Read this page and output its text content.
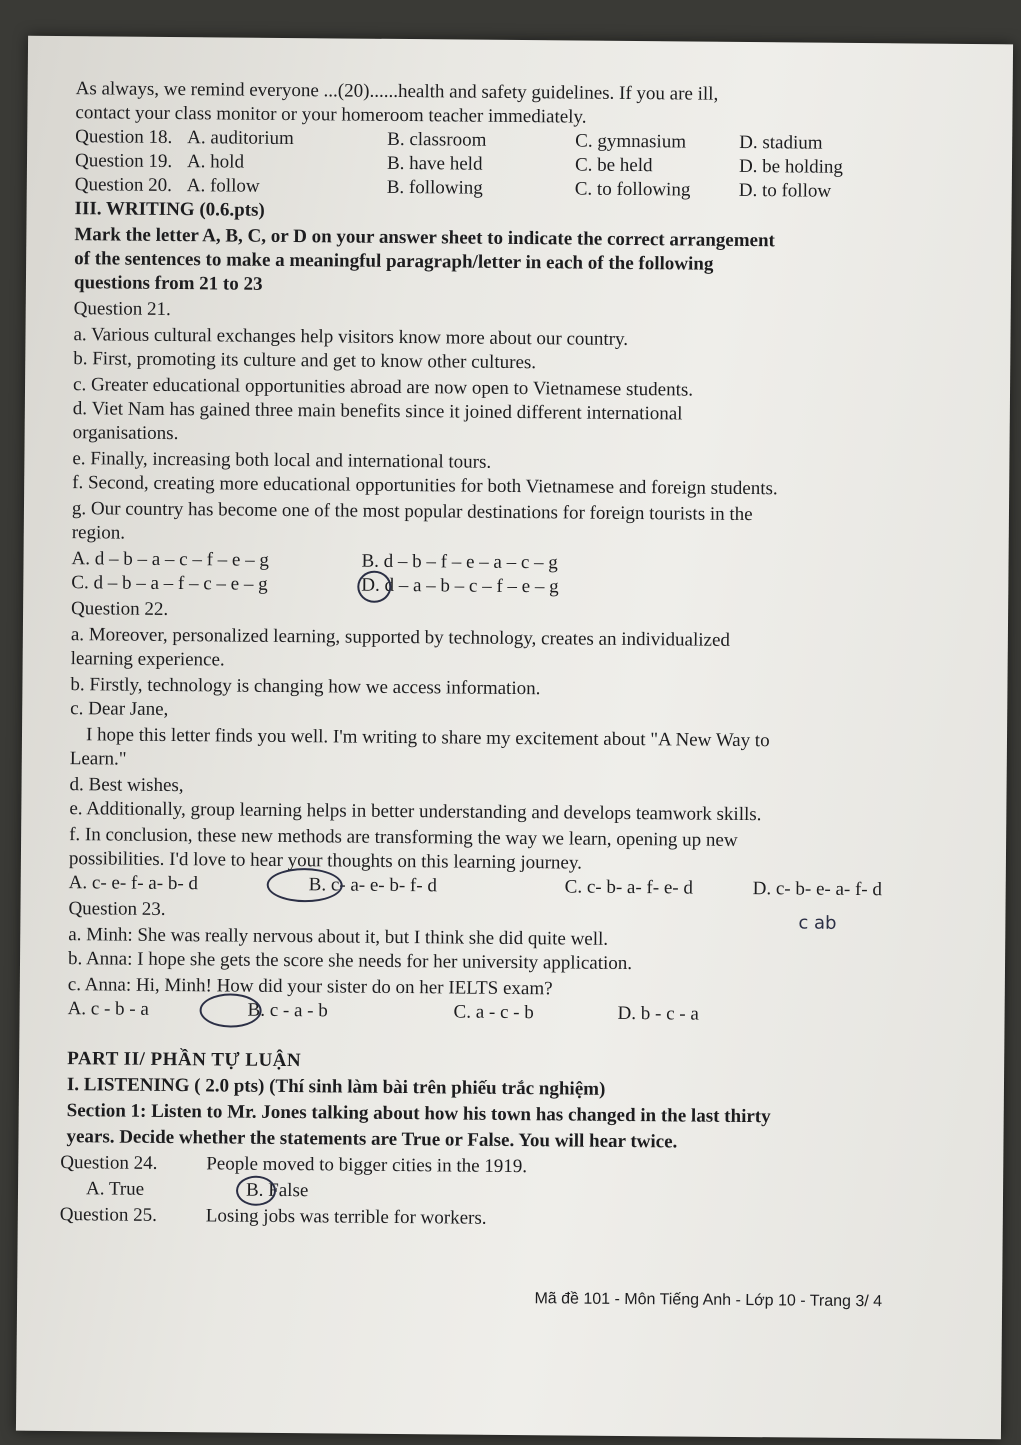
As always, we remind everyone ...(20)......health and safety guidelines. If you are ill,
contact your class monitor or your homeroom teacher immediately.
Question 18. A. auditorium	B. classroom	C. gymnasium	D. stadium
Question 19. A. hold	B. have held	C. be held	D. be holding
Question 20. A. follow	B. following	C. to following	D. to follow
III. WRITING (0.6.pts)
Mark the letter A, B, C, or D on your answer sheet to indicate the correct arrangement
of the sentences to make a meaningful paragraph/letter in each of the following
questions from 21 to 23
Question 21.
a. Various cultural exchanges help visitors know more about our country.
b. First, promoting its culture and get to know other cultures.
c. Greater educational opportunities abroad are now open to Vietnamese students.
d. Viet Nam has gained three main benefits since it joined different international
organisations.
e. Finally, increasing both local and international tours.
f. Second, creating more educational opportunities for both Vietnamese and foreign students.
g. Our country has become one of the most popular destinations for foreign tourists in the
region.
A. d – b – a – c – f – e – g	B. d – b – f – e – a – c – g
C. d – b – a – f – c – e – g	D. d – a – b – c – f – e – g
Question 22.
a. Moreover, personalized learning, supported by technology, creates an individualized
learning experience.
b. Firstly, technology is changing how we access information.
c. Dear Jane,
I hope this letter finds you well. I'm writing to share my excitement about "A New Way to
Learn."
d. Best wishes,
e. Additionally, group learning helps in better understanding and develops teamwork skills.
f. In conclusion, these new methods are transforming the way we learn, opening up new
possibilities. I'd love to hear your thoughts on this learning journey.
A. c- e- f- a- b- d	B. c- a- e- b- f- d	C. c- b- a- f- e- d	D. c- b- e- a- f- d
Question 23.
c ab
a. Minh: She was really nervous about it, but I think she did quite well.
b. Anna: I hope she gets the score she needs for her university application.
c. Anna: Hi, Minh! How did your sister do on her IELTS exam?
A. c - b - a	B. c - a - b	C. a - c - b	D. b - c - a
PART II/ PHẦN TỰ LUẬN
I. LISTENING ( 2.0 pts) (Thí sinh làm bài trên phiếu trắc nghiệm)
Section 1: Listen to Mr. Jones talking about how his town has changed in the last thirty
years. Decide whether the statements are True or False. You will hear twice.
Question 24.	People moved to bigger cities in the 1919.
A. True	B. False
Question 25.	Losing jobs was terrible for workers.
Mã đề 101 - Môn Tiếng Anh - Lớp 10 - Trang 3/ 4
